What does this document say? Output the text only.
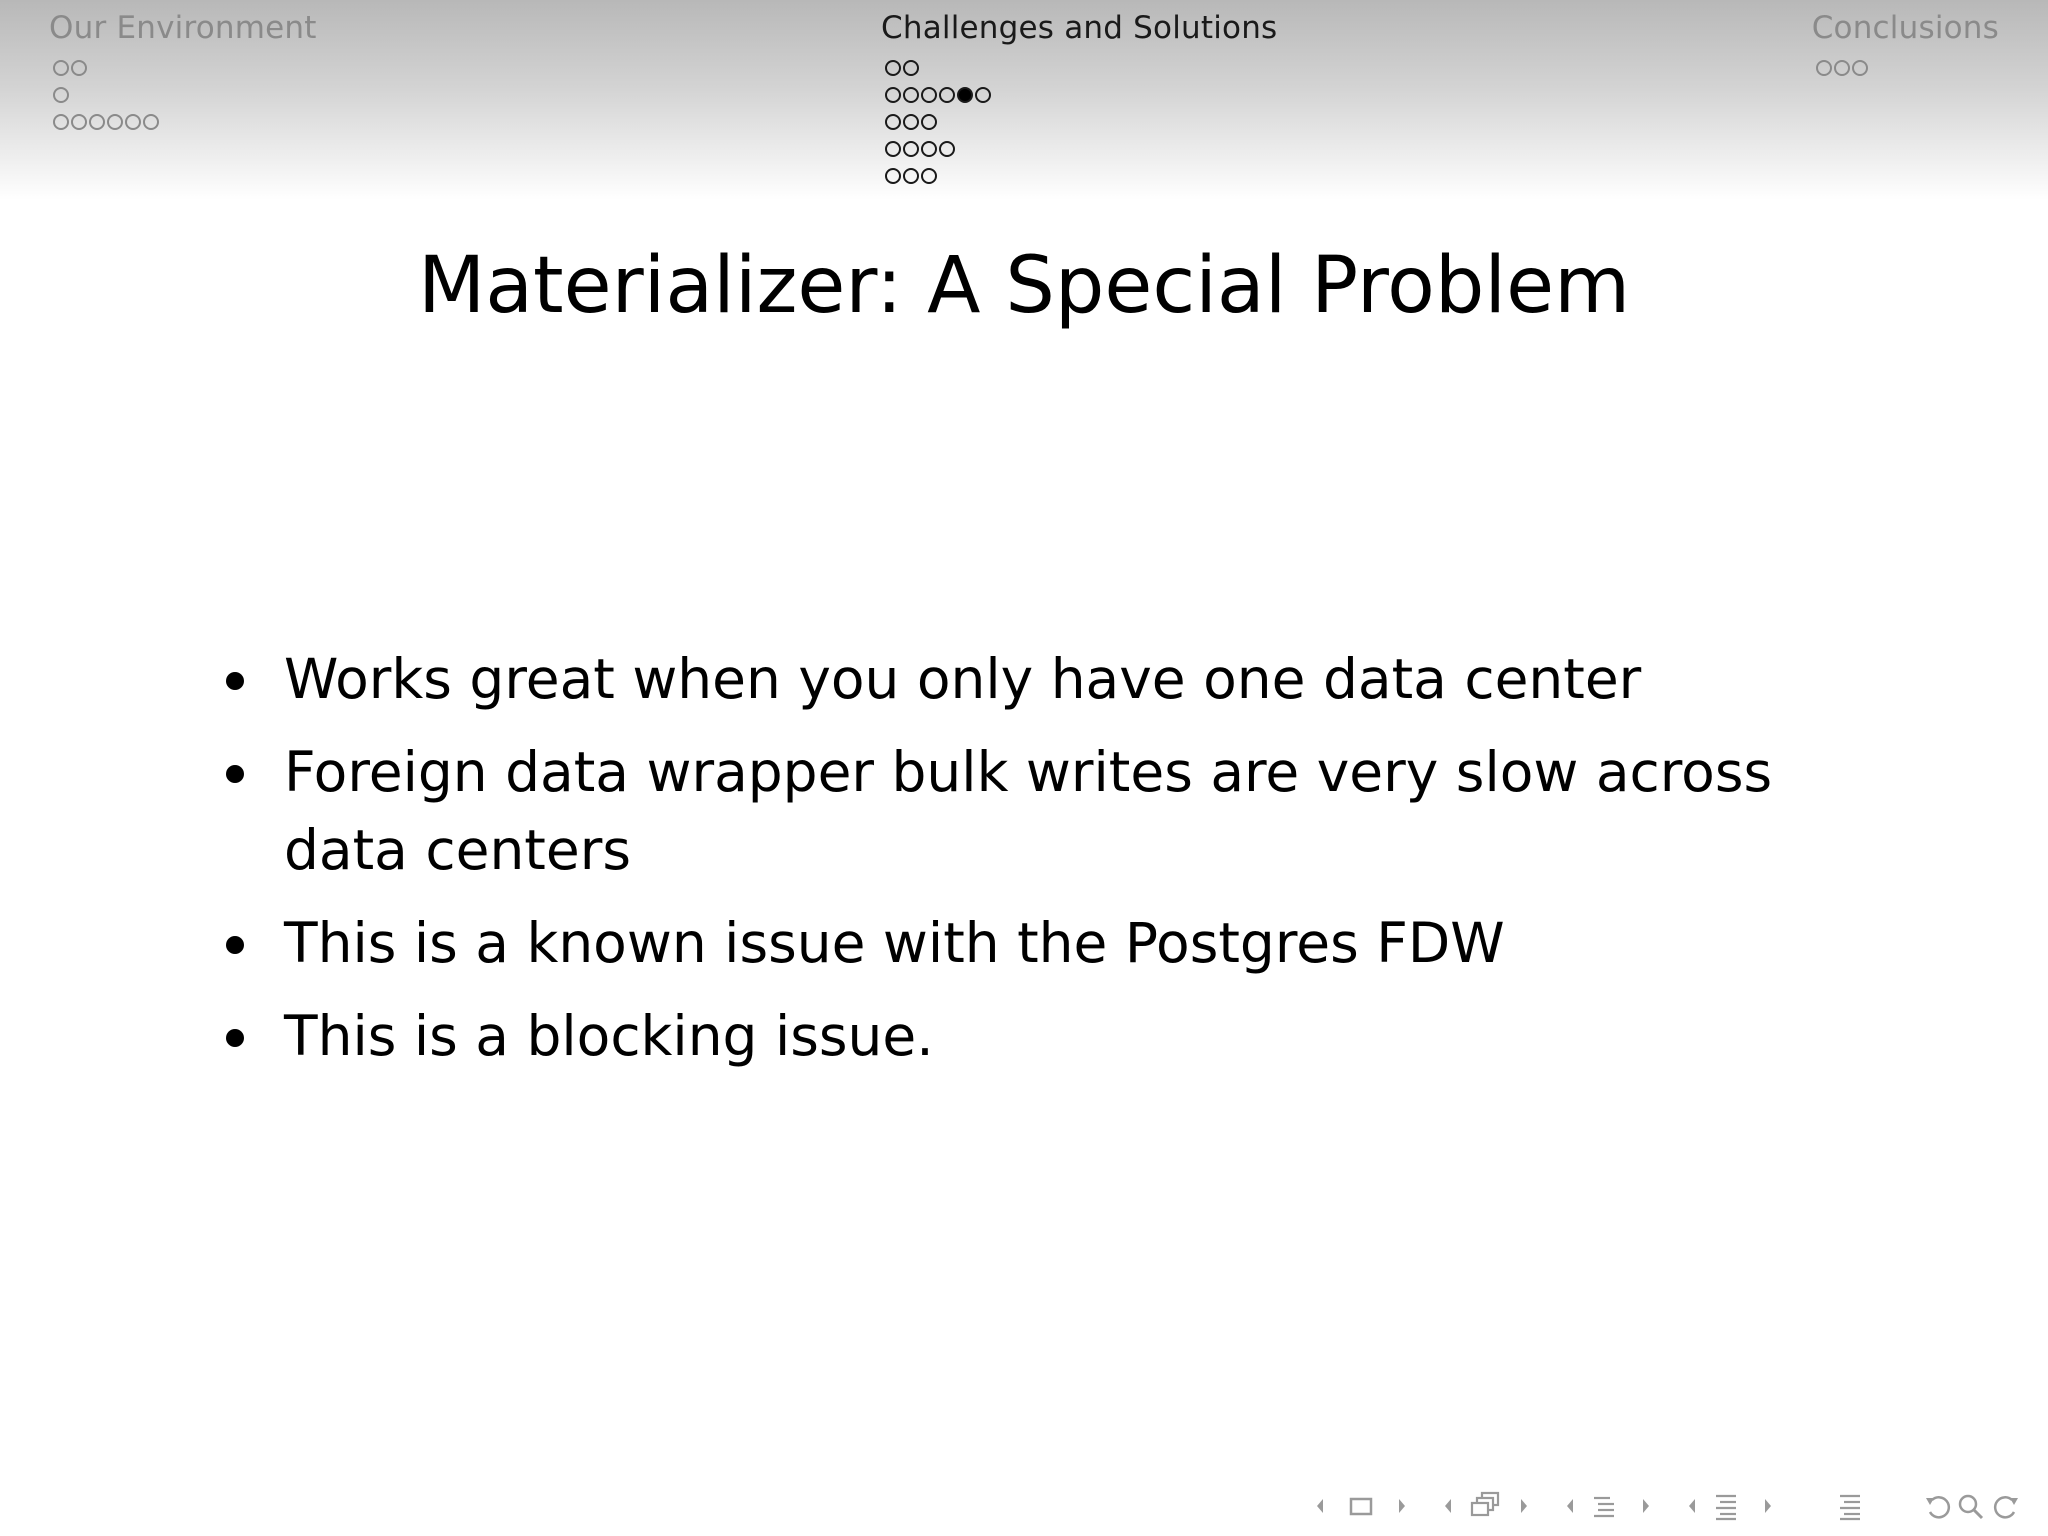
Our Environment	Challenges and Solutions	Conclusions
Materializer: A Special Problem
Works great when you only have one data center
Foreign data wrapper bulk writes are very slow across data centers
This is a known issue with the Postgres FDW
This is a blocking issue.
